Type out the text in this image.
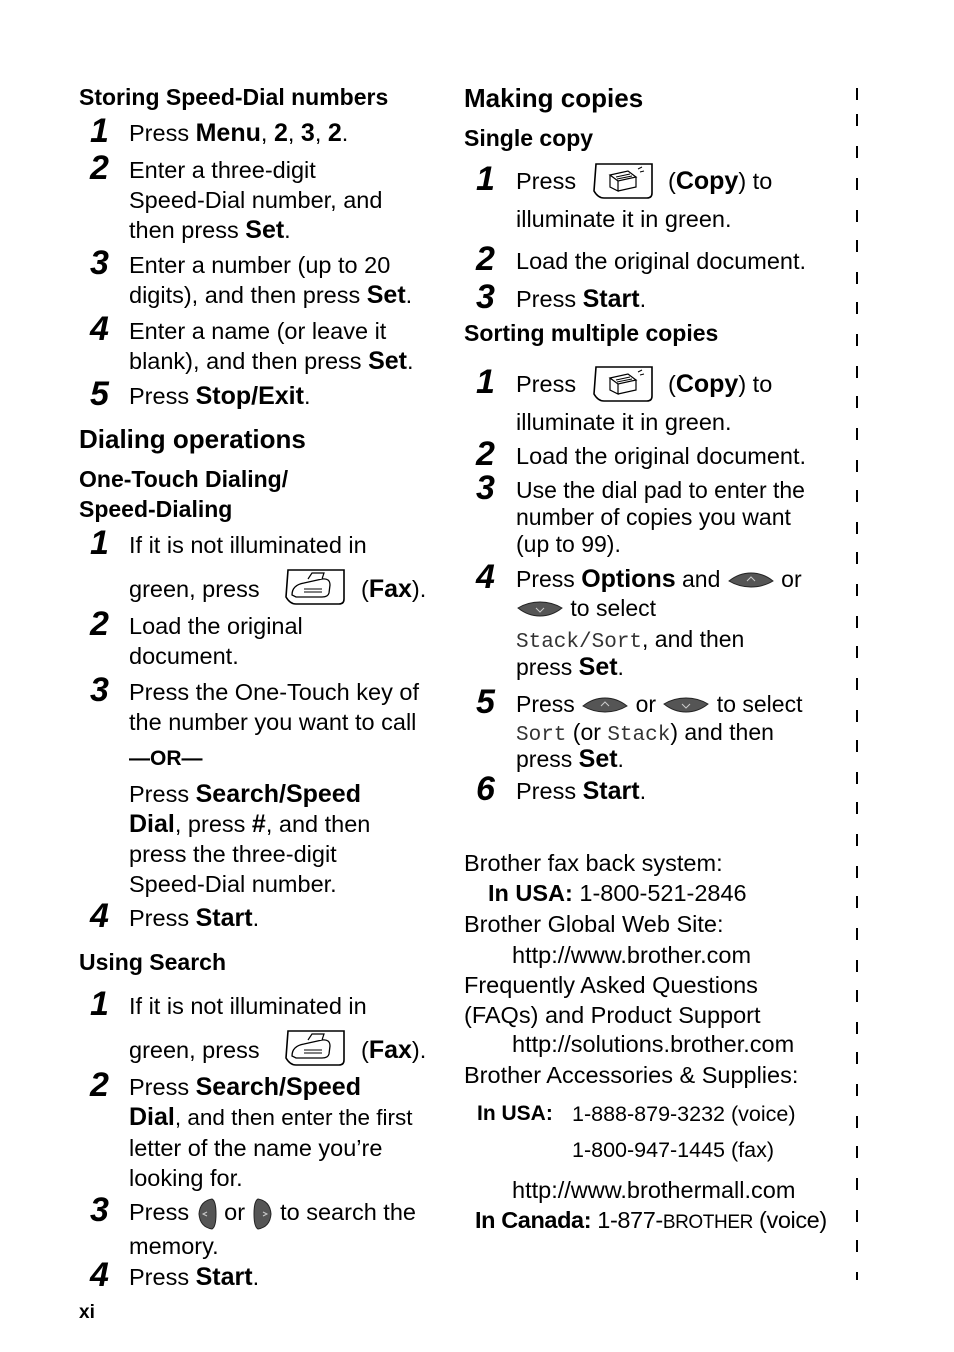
Storing Speed-Dial numbers
1 Press Menu, 2, 3, 2.
2 Enter a three-digit
Speed-Dial number, and
then press Set.
3 Enter a number (up to 20
digits), and then press Set.
4 Enter a name (or leave it
blank), and then press Set.
5 Press Stop/Exit.
Dialing operations
One-Touch Dialing/
Speed-Dialing
1 If it is not illuminated in
green, press	(Fax).
2 Load the original
document.
3 Press the One-Touch key of
the number you want to call
—OR—
Press Search/Speed
Dial, press #, and then
press the three-digit
Speed-Dial number.
4 Press Start.
Using Search
1 If it is not illuminated in
green, press	(Fax).
2 Press Search/Speed
Dial, and then enter the first
letter of the name you’re
looking for.
3 Press  or  to search the
memory.
4 Press Start.
xi
Making copies
Single copy
1 Press	(Copy) to
illuminate it in green.
2 Load the original document.
3 Press Start.
Sorting multiple copies
1 Press	(Copy) to
illuminate it in green.
2 Load the original document.
3 Use the dial pad to enter the
number of copies you want
(up to 99).
4 Press Options and  or
to select
Stack/Sort, and then
press Set.
5 Press  or  to select
Sort (or Stack) and then
press Set.
6 Press Start.
Brother fax back system:
In USA: 1-800-521-2846
Brother Global Web Site:
http://www.brother.com
Frequently Asked Questions
(FAQs) and Product Support
http://solutions.brother.com
Brother Accessories & Supplies:
In USA: 1-888-879-3232 (voice)
1-800-947-1445 (fax)
http://www.brothermall.com
In Canada: 1-877-BROTHER (voice)
